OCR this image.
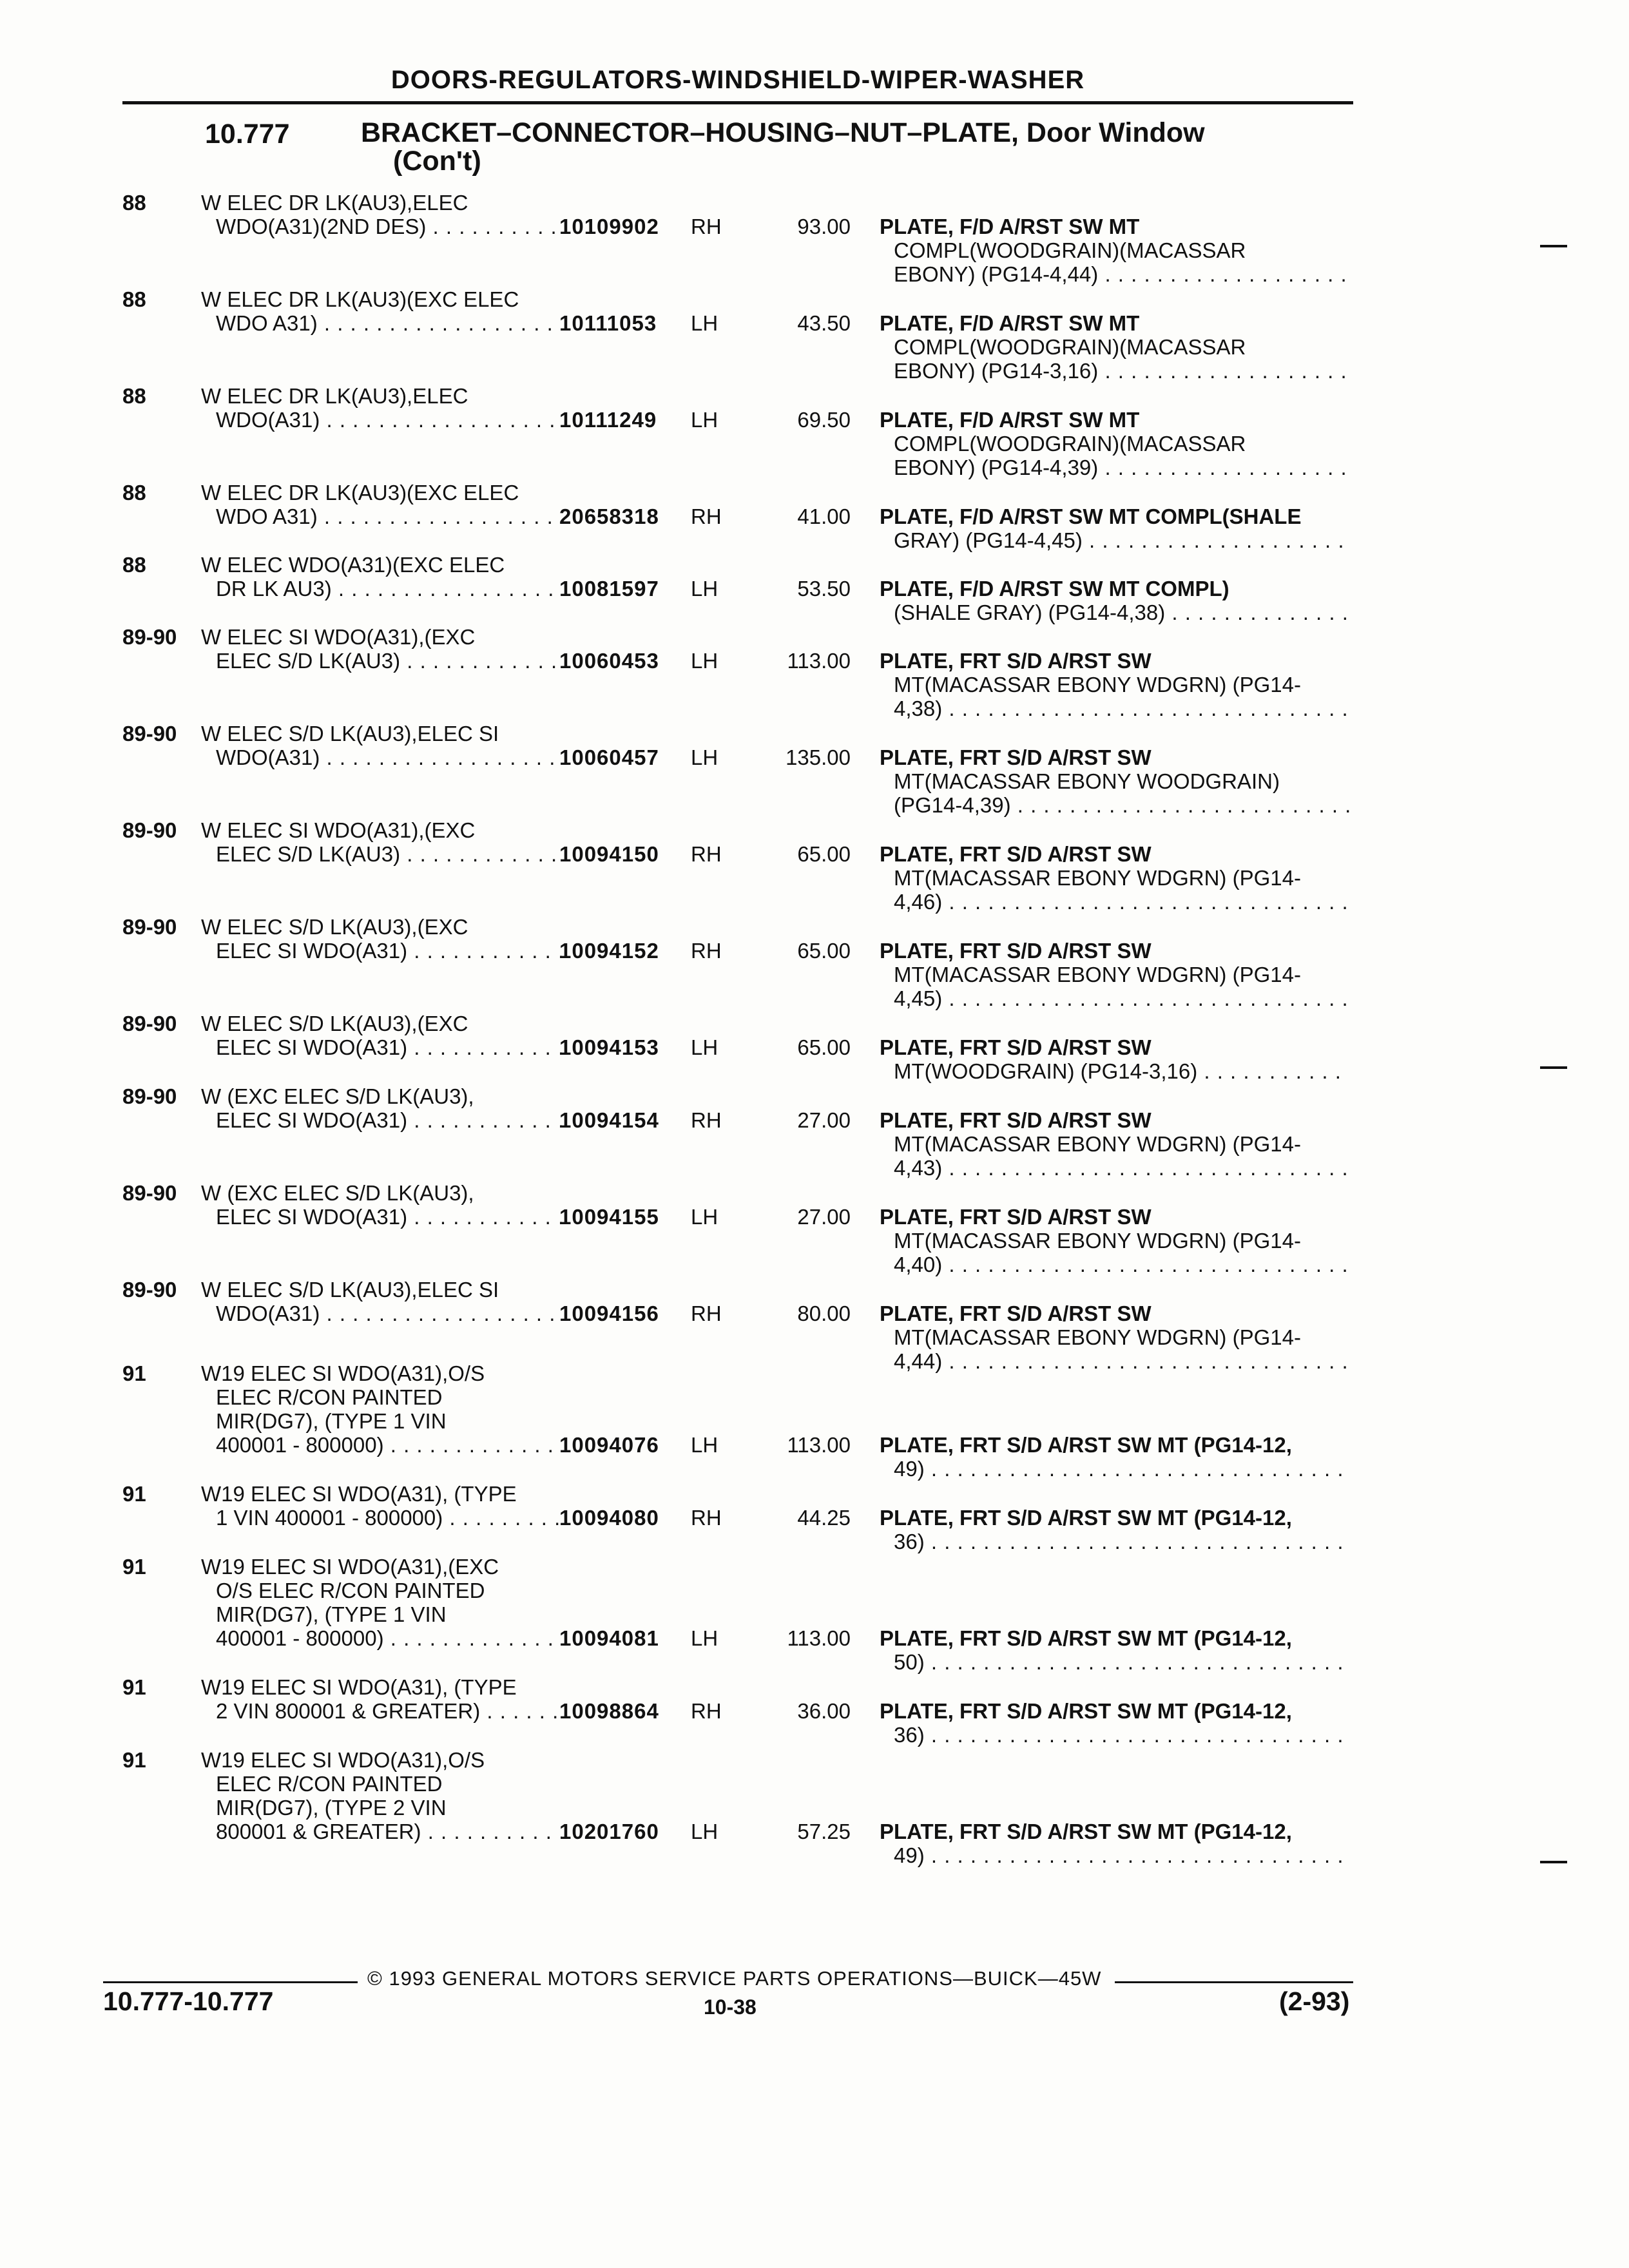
DOORS-REGULATORS-WINDSHIELD-WIPER-WASHER
10.777	BRACKET–CONNECTOR–HOUSING–NUT–PLATE, Door Window
(Con't)
88	W ELEC DR LK(AU3),ELEC
WDO(A31)(2ND DES) . . .	10109902 RH	93.00 PLATE, F/D A/RST SW MT
COMPL(WOODGRAIN)(MACASSAR
EBONY) (PG14-4,44) . . .
88	W ELEC DR LK(AU3)(EXC ELEC
WDO A31) . . .	10111053 LH	43.50 PLATE, F/D A/RST SW MT
COMPL(WOODGRAIN)(MACASSAR
EBONY) (PG14-3,16) . . .
88	W ELEC DR LK(AU3),ELEC
WDO(A31) . . .	10111249 LH	69.50 PLATE, F/D A/RST SW MT
COMPL(WOODGRAIN)(MACASSAR
EBONY) (PG14-4,39) . . .
88	W ELEC DR LK(AU3)(EXC ELEC
WDO A31) . . .	20658318 RH	41.00 PLATE, F/D A/RST SW MT COMPL(SHALE
GRAY) (PG14-4,45) . . .
88	W ELEC WDO(A31)(EXC ELEC
DR LK AU3) . . .	10081597 LH	53.50 PLATE, F/D A/RST SW MT COMPL)
(SHALE GRAY) (PG14-4,38) . . .
89-90 W ELEC SI WDO(A31),(EXC
ELEC S/D LK(AU3) . . .	10060453 LH	113.00 PLATE, FRT S/D A/RST SW
MT(MACASSAR EBONY WDGRN) (PG14-
4,38) . . .
89-90 W ELEC S/D LK(AU3),ELEC SI
WDO(A31) . . .	10060457 LH	135.00 PLATE, FRT S/D A/RST SW
MT(MACASSAR EBONY WOODGRAIN)
(PG14-4,39) . . .
89-90 W ELEC SI WDO(A31),(EXC
ELEC S/D LK(AU3) . . .	10094150 RH	65.00 PLATE, FRT S/D A/RST SW
MT(MACASSAR EBONY WDGRN) (PG14-
4,46) . . .
89-90 W ELEC S/D LK(AU3),(EXC
ELEC SI WDO(A31) . . .	10094152 RH	65.00 PLATE, FRT S/D A/RST SW
MT(MACASSAR EBONY WDGRN) (PG14-
4,45) . . .
89-90 W ELEC S/D LK(AU3),(EXC
ELEC SI WDO(A31) . . .	10094153 LH	65.00 PLATE, FRT S/D A/RST SW
MT(WOODGRAIN) (PG14-3,16) . . .
89-90 W (EXC ELEC S/D LK(AU3),
ELEC SI WDO(A31) . . .	10094154 RH	27.00 PLATE, FRT S/D A/RST SW
MT(MACASSAR EBONY WDGRN) (PG14-
4,43) . . .
89-90 W (EXC ELEC S/D LK(AU3),
ELEC SI WDO(A31) . . .	10094155 LH	27.00 PLATE, FRT S/D A/RST SW
MT(MACASSAR EBONY WDGRN) (PG14-
4,40) . . .
89-90 W ELEC S/D LK(AU3),ELEC SI
WDO(A31) . . .	10094156 RH	80.00 PLATE, FRT S/D A/RST SW
MT(MACASSAR EBONY WDGRN) (PG14-
4,44) . . .
91	W19 ELEC SI WDO(A31),O/S
ELEC R/CON PAINTED
MIR(DG7), (TYPE 1 VIN
400001 - 800000) . . .	10094076 LH	113.00 PLATE, FRT S/D A/RST SW MT (PG14-12,
49) . . .
91	W19 ELEC SI WDO(A31), (TYPE
1 VIN 400001 - 800000) . . .	10094080 RH	44.25 PLATE, FRT S/D A/RST SW MT (PG14-12,
36) . . .
91	W19 ELEC SI WDO(A31),(EXC
O/S ELEC R/CON PAINTED
MIR(DG7), (TYPE 1 VIN
400001 - 800000) . . .	10094081 LH	113.00 PLATE, FRT S/D A/RST SW MT (PG14-12,
50) . . .
91	W19 ELEC SI WDO(A31), (TYPE
2 VIN 800001 & GREATER) . . .	10098864 RH	36.00 PLATE, FRT S/D A/RST SW MT (PG14-12,
36) . . .
91	W19 ELEC SI WDO(A31),O/S
ELEC R/CON PAINTED
MIR(DG7), (TYPE 2 VIN
800001 & GREATER) . . .	10201760 LH	57.25 PLATE, FRT S/D A/RST SW MT (PG14-12,
49) . . .
© 1993 GENERAL MOTORS SERVICE PARTS OPERATIONS—BUICK—45W
10.777-10.777	10-38	(2-93)
